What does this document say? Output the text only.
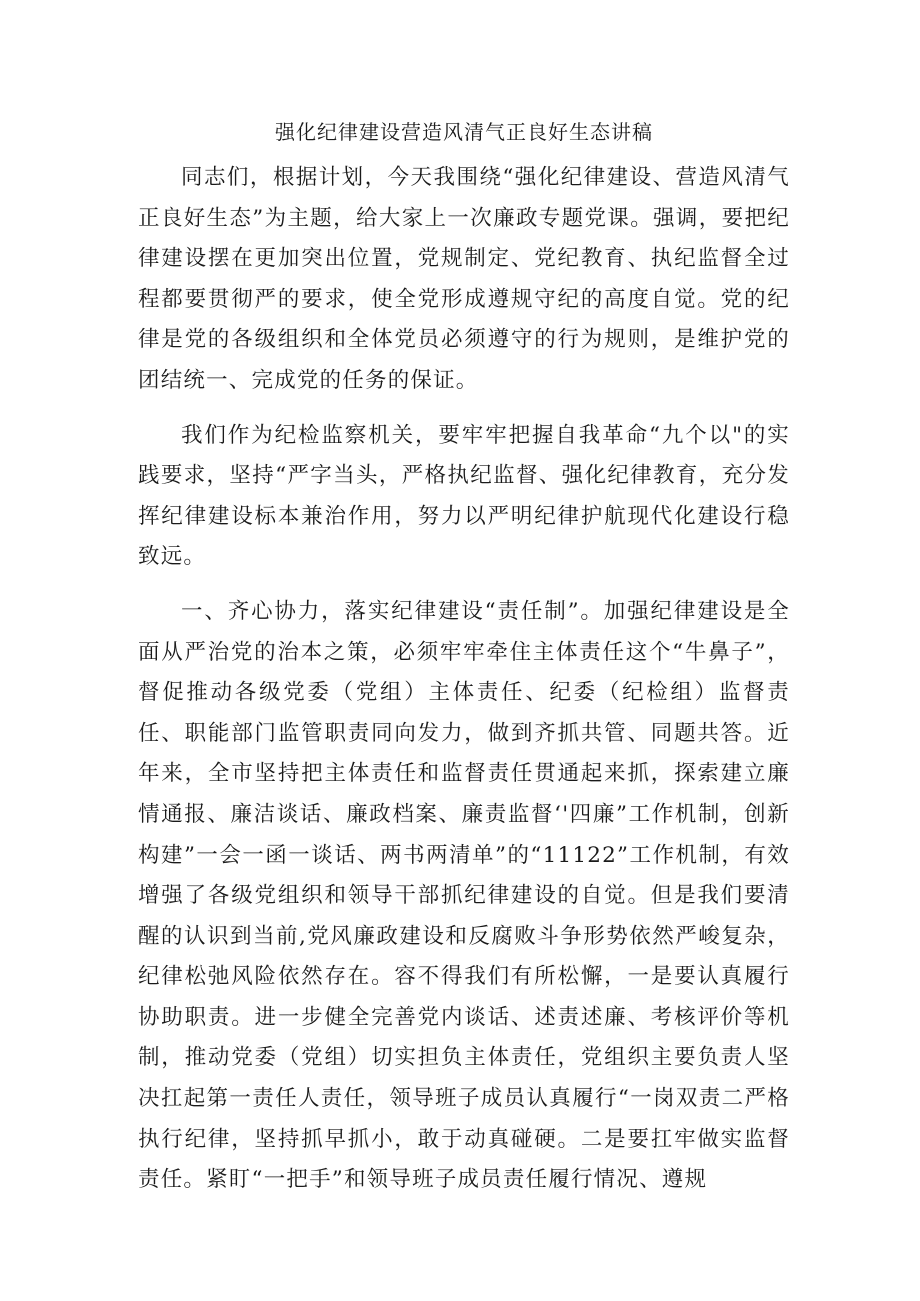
强化纪律建设营造风清气正良好生态讲稿

同志们，根据计划，今天我围绕“强化纪律建设、营造风清气正良好生态”为主题，给大家上一次廉政专题党课。强调，要把纪律建设摆在更加突出位置，党规制定、党纪教育、执纪监督全过程都要贯彻严的要求，使全党形成遵规守纪的高度自觉。党的纪律是党的各级组织和全体党员必须遵守的行为规则，是维护党的团结统一、完成党的任务的保证。

我们作为纪检监察机关，要牢牢把握自我革命“九个以"的实践要求，坚持“严字当头，严格执纪监督、强化纪律教育，充分发挥纪律建设标本兼治作用，努力以严明纪律护航现代化建设行稳致远。

一、齐心协力，落实纪律建设“责任制”。加强纪律建设是全面从严治党的治本之策，必须牢牢牵住主体责任这个“牛鼻子”，督促推动各级党委（党组）主体责任、纪委（纪检组）监督责任、职能部门监管职责同向发力，做到齐抓共管、同题共答。近年来，全市坚持把主体责任和监督责任贯通起来抓，探索建立廉情通报、廉洁谈话、廉政档案、廉责监督‘'四廉”工作机制，创新构建”一会一函一谈话、两书两清单”的“11122”工作机制，有效增强了各级党组织和领导干部抓纪律建设的自觉。但是我们要清醒的认识到当前,党风廉政建设和反腐败斗争形势依然严峻复杂，纪律松弛风险依然存在。容不得我们有所松懈，一是要认真履行协助职责。进一步健全完善党内谈话、述责述廉、考核评价等机制，推动党委（党组）切实担负主体责任，党组织主要负责人坚决扛起第一责任人责任，领导班子成员认真履行“一岗双责二严格执行纪律，坚持抓早抓小，敢于动真碰硬。二是要扛牢做实监督责任。紧盯“一把手”和领导班子成员责任履行情况、遵规
